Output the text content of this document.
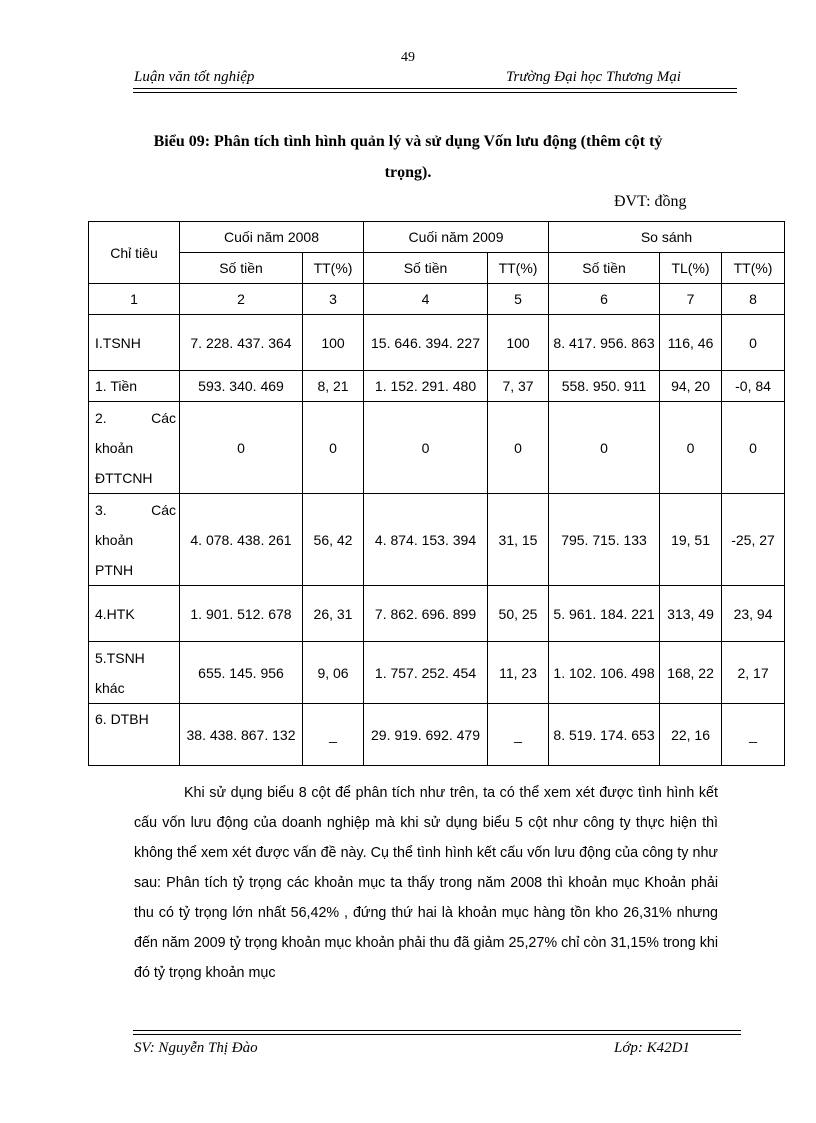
49
Luận văn tốt nghiệp	Trường Đại học Thương Mại
Biểu 09: Phân tích tình hình quản lý và sử dụng Vốn lưu động (thêm cột tỷ
trọng).
ĐVT: đồng
Chỉ tiêu	Cuối năm 2008		Cuối năm 2009		So sánh		
	Số tiền	TT(%)	Số tiền	TT(%)	Số tiền	TL(%)	TT(%)
1	2	3	4	5	6	7	8
I.TSNH	7. 228. 437. 364	100	15. 646. 394. 227	100	8. 417. 956. 863	116, 46	0
1. Tiền	593. 340. 469	8, 21	1. 152. 291. 480	7, 37	558. 950. 911	94, 20	-0, 84

2. Các
khoản
ĐTTCNH	0	0	0	0	0	0	0

3. Các
khoản
PTNH	4. 078. 438. 261	56, 42	4. 874. 153. 394	31, 15	795. 715. 133	19, 51	-25, 27
4.HTK	1. 901. 512. 678	26, 31	7. 862. 696. 899	50, 25	5. 961. 184. 221	313, 49	23, 94
5.TSNH khác	655. 145. 956	9, 06	1. 757. 252. 454	11, 23	1. 102. 106. 498	168, 22	2, 17
6. DTBH	38. 438. 867. 132	_	29. 919. 692. 479	_	8. 519. 174. 653	22, 16	_

Khi sử dụng biểu 8 cột để phân tích như trên, ta có thể xem xét được tình hình kết cấu vốn lưu động của doanh nghiệp mà khi sử dụng biểu 5 cột như công ty thực hiện thì không thể xem xét được vấn đề này. Cụ thể tình hình kết cấu vốn lưu động của công ty như sau: Phân tích tỷ trọng các khoản mục ta thấy trong năm 2008 thì khoản mục Khoản phải thu có tỷ trọng lớn nhất 56,42% , đứng thứ hai là khoản mục hàng tồn kho 26,31% nhưng đến năm 2009 tỷ trọng khoản mục khoản phải thu đã giảm 25,27% chỉ còn 31,15% trong khi đó tỷ trọng khoản mục

SV: Nguyễn Thị Đào	Lớp: K42D1
